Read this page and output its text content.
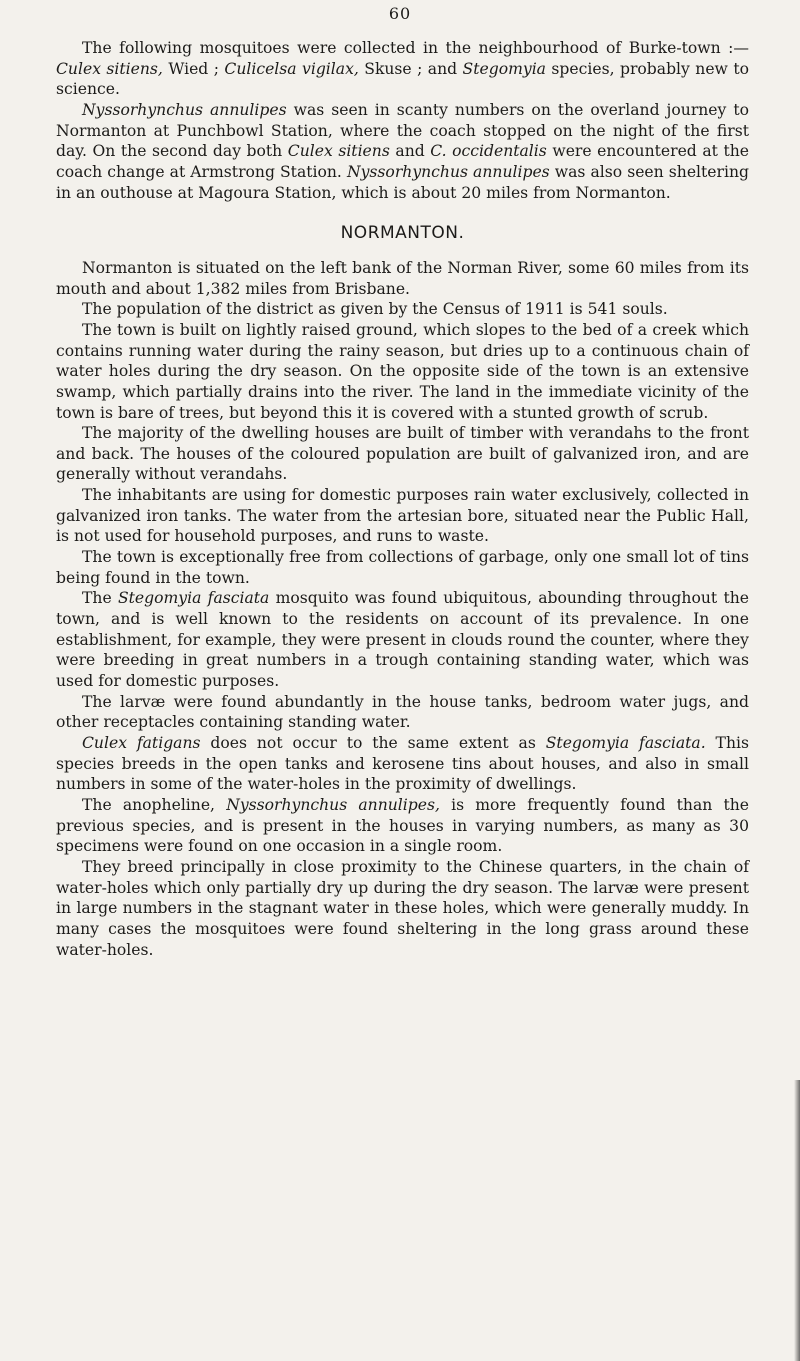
60

The following mosquitoes were collected in the neighbourhood of Burke-town :—Culex sitiens, Wied ; Culicelsa vigilax, Skuse ; and Stegomyia species, probably new to science.

Nyssorhynchus annulipes was seen in scanty numbers on the overland journey to Normanton at Punchbowl Station, where the coach stopped on the night of the first day. On the second day both Culex sitiens and C. occidentalis were encountered at the coach change at Armstrong Station. Nyssorhynchus annulipes was also seen sheltering in an outhouse at Magoura Station, which is about 20 miles from Normanton.

NORMANTON.

Normanton is situated on the left bank of the Norman River, some 60 miles from its mouth and about 1,382 miles from Brisbane.

The population of the district as given by the Census of 1911 is 541 souls.

The town is built on lightly raised ground, which slopes to the bed of a creek which contains running water during the rainy season, but dries up to a continuous chain of water holes during the dry season. On the opposite side of the town is an extensive swamp, which partially drains into the river. The land in the immediate vicinity of the town is bare of trees, but beyond this it is covered with a stunted growth of scrub.

The majority of the dwelling houses are built of timber with verandahs to the front and back. The houses of the coloured population are built of galvanized iron, and are generally without verandahs.

The inhabitants are using for domestic purposes rain water exclusively, collected in galvanized iron tanks. The water from the artesian bore, situated near the Public Hall, is not used for household purposes, and runs to waste.

The town is exceptionally free from collections of garbage, only one small lot of tins being found in the town.

The Stegomyia fasciata mosquito was found ubiquitous, abounding throughout the town, and is well known to the residents on account of its prevalence. In one establishment, for example, they were present in clouds round the counter, where they were breeding in great numbers in a trough containing standing water, which was used for domestic purposes.

The larvæ were found abundantly in the house tanks, bedroom water jugs, and other receptacles containing standing water.

Culex fatigans does not occur to the same extent as Stegomyia fasciata. This species breeds in the open tanks and kerosene tins about houses, and also in small numbers in some of the water-holes in the proximity of dwellings.

The anopheline, Nyssorhynchus annulipes, is more frequently found than the previous species, and is present in the houses in varying numbers, as many as 30 specimens were found on one occasion in a single room.

They breed principally in close proximity to the Chinese quarters, in the chain of water-holes which only partially dry up during the dry season. The larvæ were present in large numbers in the stagnant water in these holes, which were generally muddy. In many cases the mosquitoes were found sheltering in the long grass around these water-holes.
